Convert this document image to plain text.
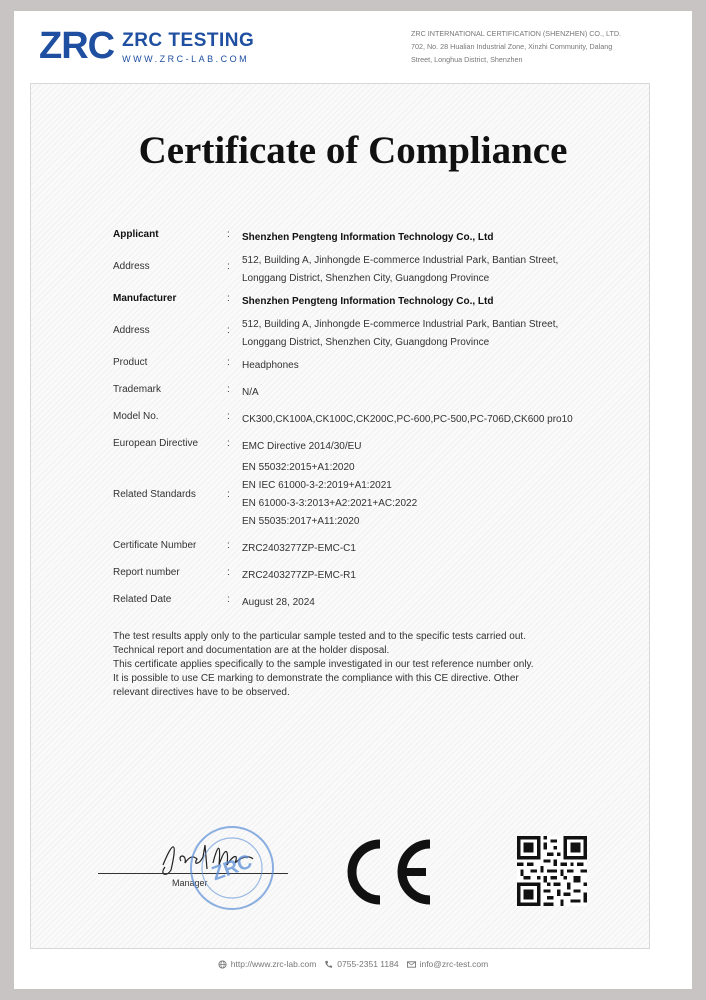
ZRC ZRC TESTING
WWW.ZRC-LAB.COM
ZRC INTERNATIONAL CERTIFICATION (SHENZHEN) CO., LTD.
702, No. 28 Hualian Industrial Zone, Xinzhi Community, Dalang
Street, Longhua District, Shenzhen
Certificate of Compliance
Applicant	: Shenzhen Pengteng Information Technology Co., Ltd
Address	:
512, Building A, Jinhongde E-commerce Industrial Park, Bantian Street,
Longgang District, Shenzhen City, Guangdong Province
Manufacturer	: Shenzhen Pengteng Information Technology Co., Ltd
Address	:
512, Building A, Jinhongde E-commerce Industrial Park, Bantian Street,
Longgang District, Shenzhen City, Guangdong Province
Product	: Headphones
Trademark	: N/A
Model No.	: CK300,CK100A,CK100C,CK200C,PC-600,PC-500,PC-706D,CK600 pro10
European Directive	: EMC Directive 2014/30/EU
Related Standards	:
EN 55032:2015+A1:2020
EN IEC 61000-3-2:2019+A1:2021
EN 61000-3-3:2013+A2:2021+AC:2022
EN 55035:2017+A11:2020
Certificate Number	: ZRC2403277ZP-EMC-C1
Report number	: ZRC2403277ZP-EMC-R1
Related Date	: August 28, 2024
The test results apply only to the particular sample tested and to the specific tests carried out.
Technical report and documentation are at the holder disposal.
This certificate applies specifically to the sample investigated in our test reference number only.
It is possible to use CE marking to demonstrate the compliance with this CE directive. Other
relevant directives have to be observed.
Manager ZRC
http://www.zrc-lab.com 0755-2351 1184 info@zrc-test.com
